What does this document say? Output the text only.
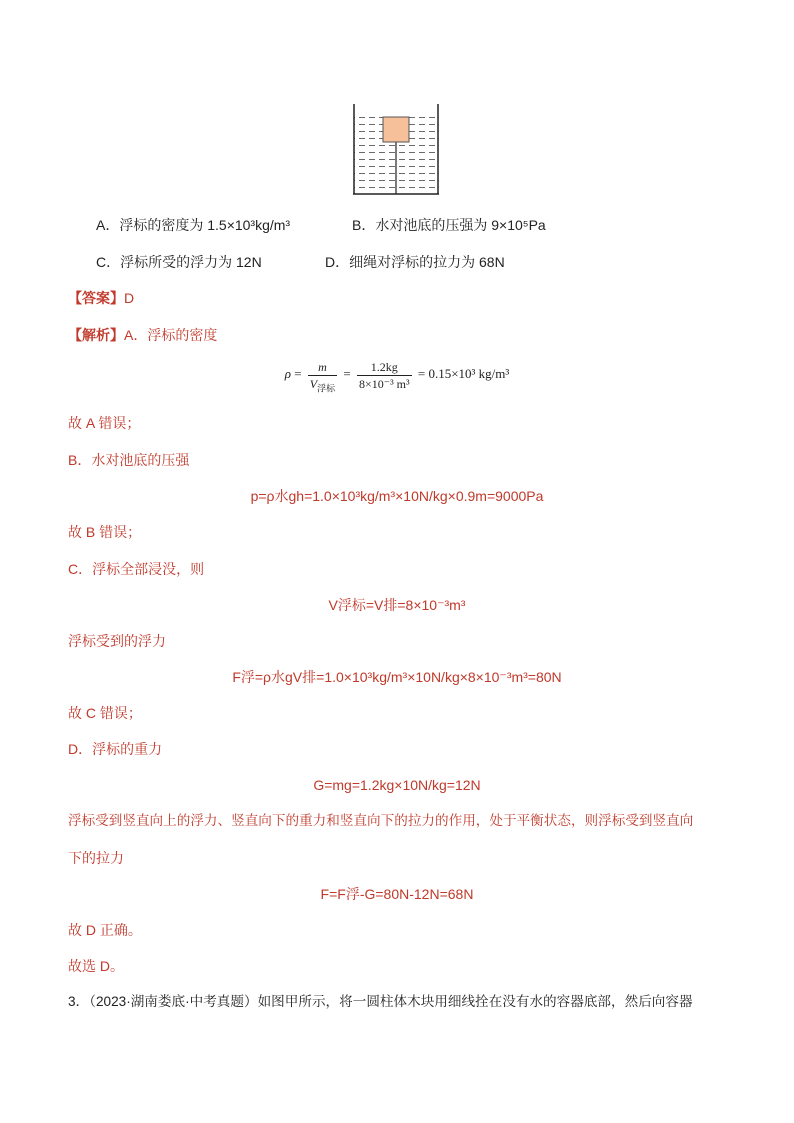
A．浮标的密度为 1.5×10³kg/m³	B．水对池底的压强为 9×10⁵Pa
C．浮标所受的浮力为 12N	D．细绳对浮标的拉力为 68N
【答案】D
【解析】A．浮标的密度
$\rho = \frac{m}{V_{浮标}} = \frac{1.2kg}{\text{8×10⁻³ m³}} = 0.15\times 10^3$ kg/m³
故 A 错误；
B．水对池底的压强
p=ρ水gh=1.0×10³kg/m³×10N/kg×0.9m=9000Pa
故 B 错误；
C．浮标全部浸没，则
V浮标=V排=8×10⁻³m³
浮标受到的浮力
F浮=ρ水gV排=1.0×10³kg/m³×10N/kg×8×10⁻³m³=80N
故 C 错误；
D．浮标的重力
G=mg=1.2kg×10N/kg=12N
浮标受到竖直向上的浮力、竖直向下的重力和竖直向下的拉力的作用，处于平衡状态，则浮标受到竖直向
下的拉力
F=F浮-G=80N-12N=68N
故 D 正确。
故选 D。
3．（2023·湖南娄底·中考真题）如图甲所示，将一圆柱体木块用细线拴在没有水的容器底部，然后向容器
